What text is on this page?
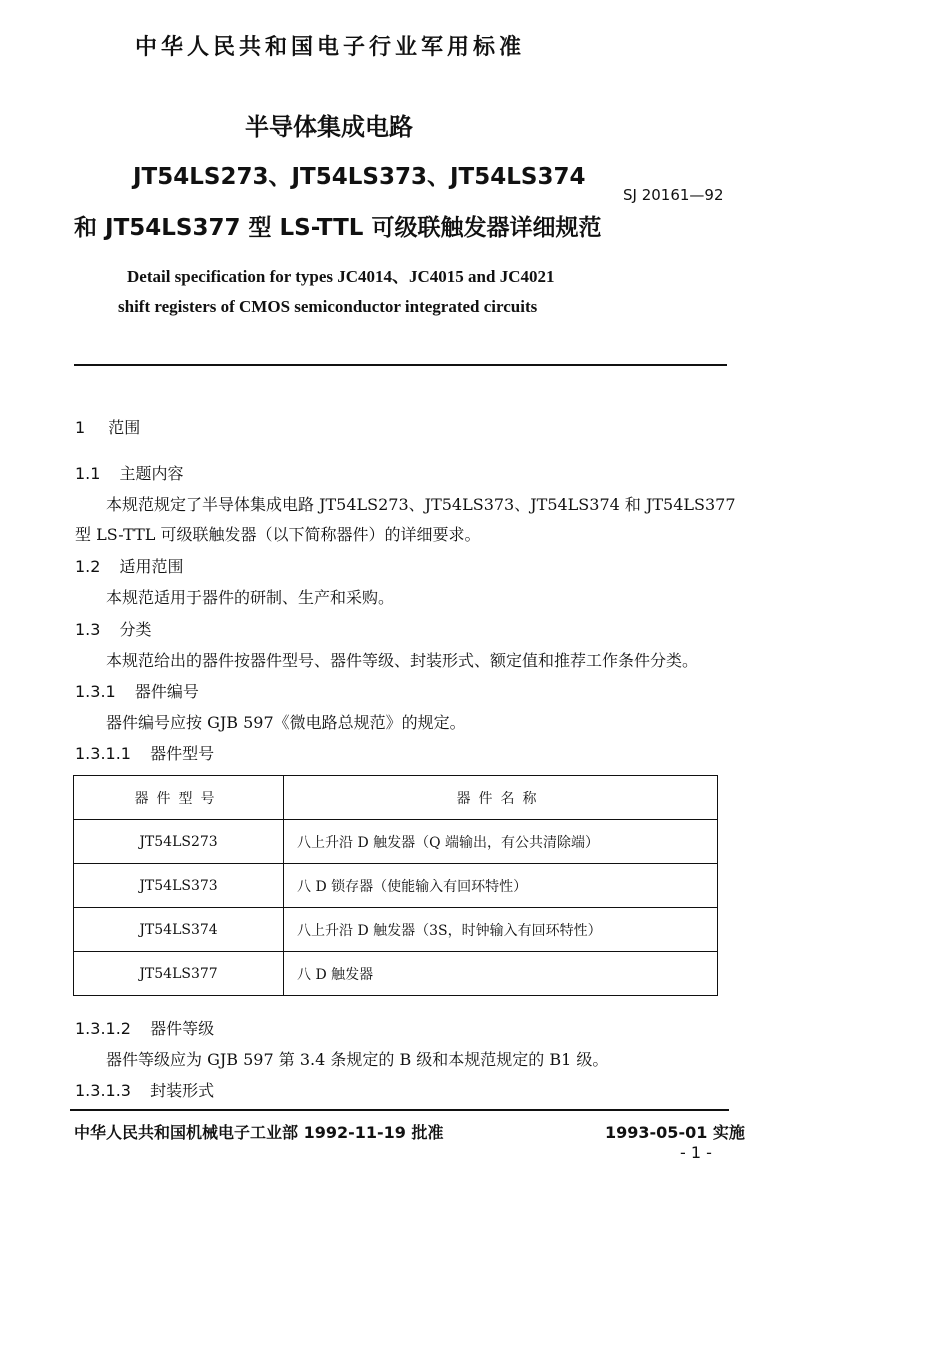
中华人民共和国电子行业军用标准
半导体集成电路
JT54LS273、JT54LS373、JT54LS374
和 JT54LS377 型 LS-TTL 可级联触发器详细规范
SJ 20161—92
Detail specification for types JC4014、JC4015 and JC4021
shift registers of CMOS semiconductor integrated circuits
1 范围
1.1 主题内容
本规范规定了半导体集成电路 JT54LS273、JT54LS373、JT54LS374 和 JT54LS377
型 LS-TTL 可级联触发器（以下简称器件）的详细要求。
1.2 适用范围
本规范适用于器件的研制、生产和采购。
1.3 分类
本规范给出的器件按器件型号、器件等级、封装形式、额定值和推荐工作条件分类。
1.3.1 器件编号
器件编号应按 GJB 597《微电路总规范》的规定。
1.3.1.1 器件型号
器件型号	器件名称
JT54LS273	八上升沿 D 触发器（Q 端输出，有公共清除端）
JT54LS373	八 D 锁存器（使能输入有回环特性）
JT54LS374	八上升沿 D 触发器（3S，时钟输入有回环特性）
JT54LS377	八 D 触发器
1.3.1.2 器件等级
器件等级应为 GJB 597 第 3.4 条规定的 B 级和本规范规定的 B1 级。
1.3.1.3 封装形式
中华人民共和国机械电子工业部 1992-11-19 批准	1993-05-01 实施
- 1 -
